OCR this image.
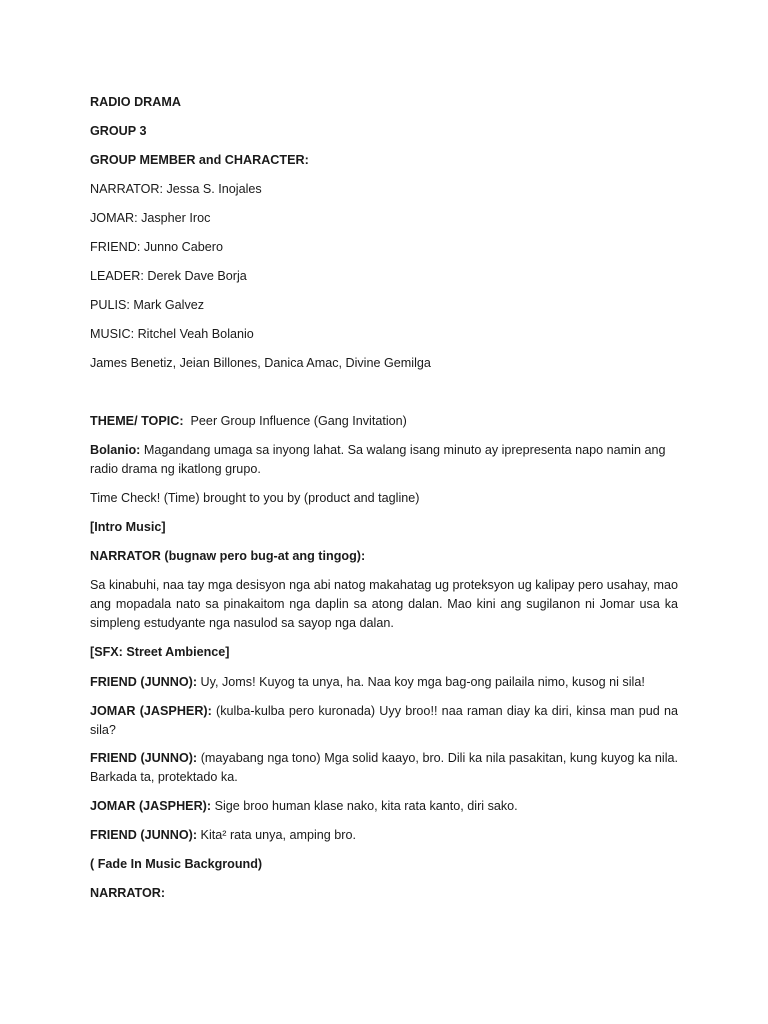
RADIO DRAMA

GROUP 3

GROUP MEMBER and CHARACTER:

NARRATOR: Jessa S. Inojales

JOMAR: Jaspher Iroc

FRIEND: Junno Cabero

LEADER: Derek Dave Borja

PULIS: Mark Galvez

MUSIC: Ritchel Veah Bolanio

James Benetiz, Jeian Billones, Danica Amac, Divine Gemilga

THEME/ TOPIC: Peer Group Influence (Gang Invitation)

Bolanio: Magandang umaga sa inyong lahat. Sa walang isang minuto ay iprepresenta napo namin ang radio drama ng ikatlong grupo.

Time Check! (Time) brought to you by (product and tagline)

[Intro Music]

NARRATOR (bugnaw pero bug-at ang tingog):

Sa kinabuhi, naa tay mga desisyon nga abi natog makahatag ug proteksyon ug kalipay pero usahay, mao ang mopadala nato sa pinakaitom nga daplin sa atong dalan. Mao kini ang sugilanon ni Jomar usa ka simpleng estudyante nga nasulod sa sayop nga dalan.

[SFX: Street Ambience]

FRIEND (JUNNO): Uy, Joms! Kuyog ta unya, ha. Naa koy mga bag-ong pailaila nimo, kusog ni sila!

JOMAR (JASPHER): (kulba-kulba pero kuronada) Uyy broo!! naa raman diay ka diri, kinsa man pud na sila?

FRIEND (JUNNO): (mayabang nga tono) Mga solid kaayo, bro. Dili ka nila pasakitan, kung kuyog ka nila. Barkada ta, protektado ka.

JOMAR (JASPHER): Sige broo human klase nako, kita rata kanto, diri sako.

FRIEND (JUNNO): Kita² rata unya, amping bro.

( Fade In Music Background)

NARRATOR:
